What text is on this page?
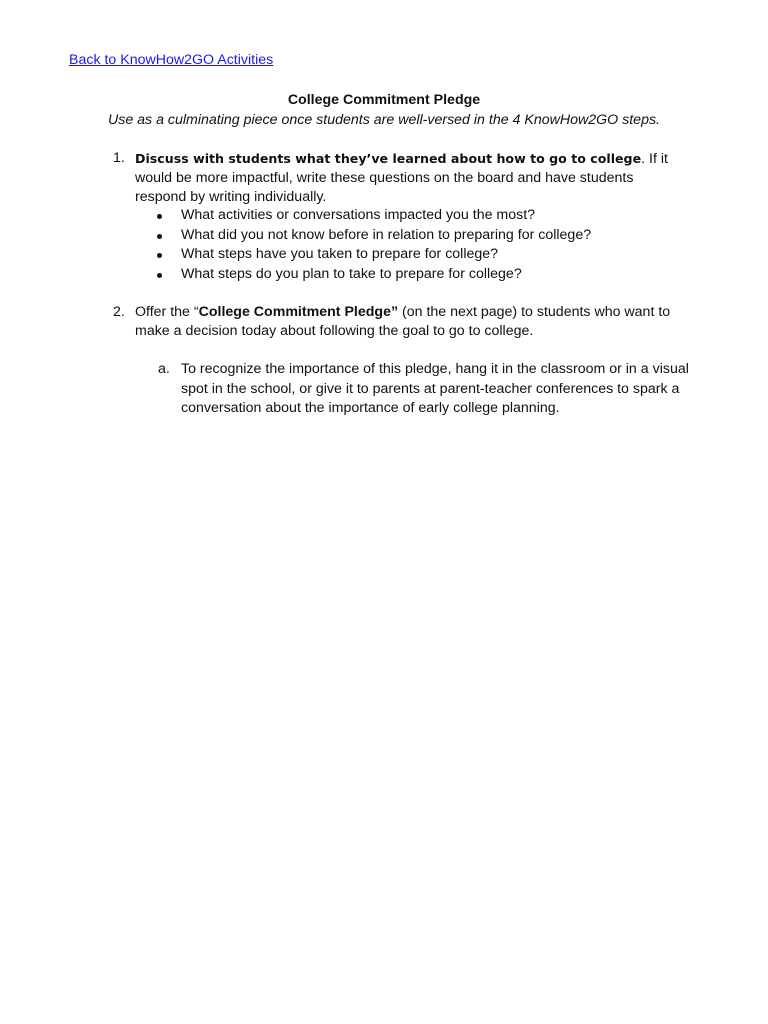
Back to KnowHow2GO Activities
College Commitment Pledge
Use as a culminating piece once students are well-versed in the 4 KnowHow2GO steps.
1. Discuss with students what they’ve learned about how to go to college. If it would be more impactful, write these questions on the board and have students respond by writing individually.
What activities or conversations impacted you the most?
What did you not know before in relation to preparing for college?
What steps have you taken to prepare for college?
What steps do you plan to take to prepare for college?
2. Offer the “College Commitment Pledge” (on the next page) to students who want to make a decision today about following the goal to go to college.
a. To recognize the importance of this pledge, hang it in the classroom or in a visual spot in the school, or give it to parents at parent-teacher conferences to spark a conversation about the importance of early college planning.
